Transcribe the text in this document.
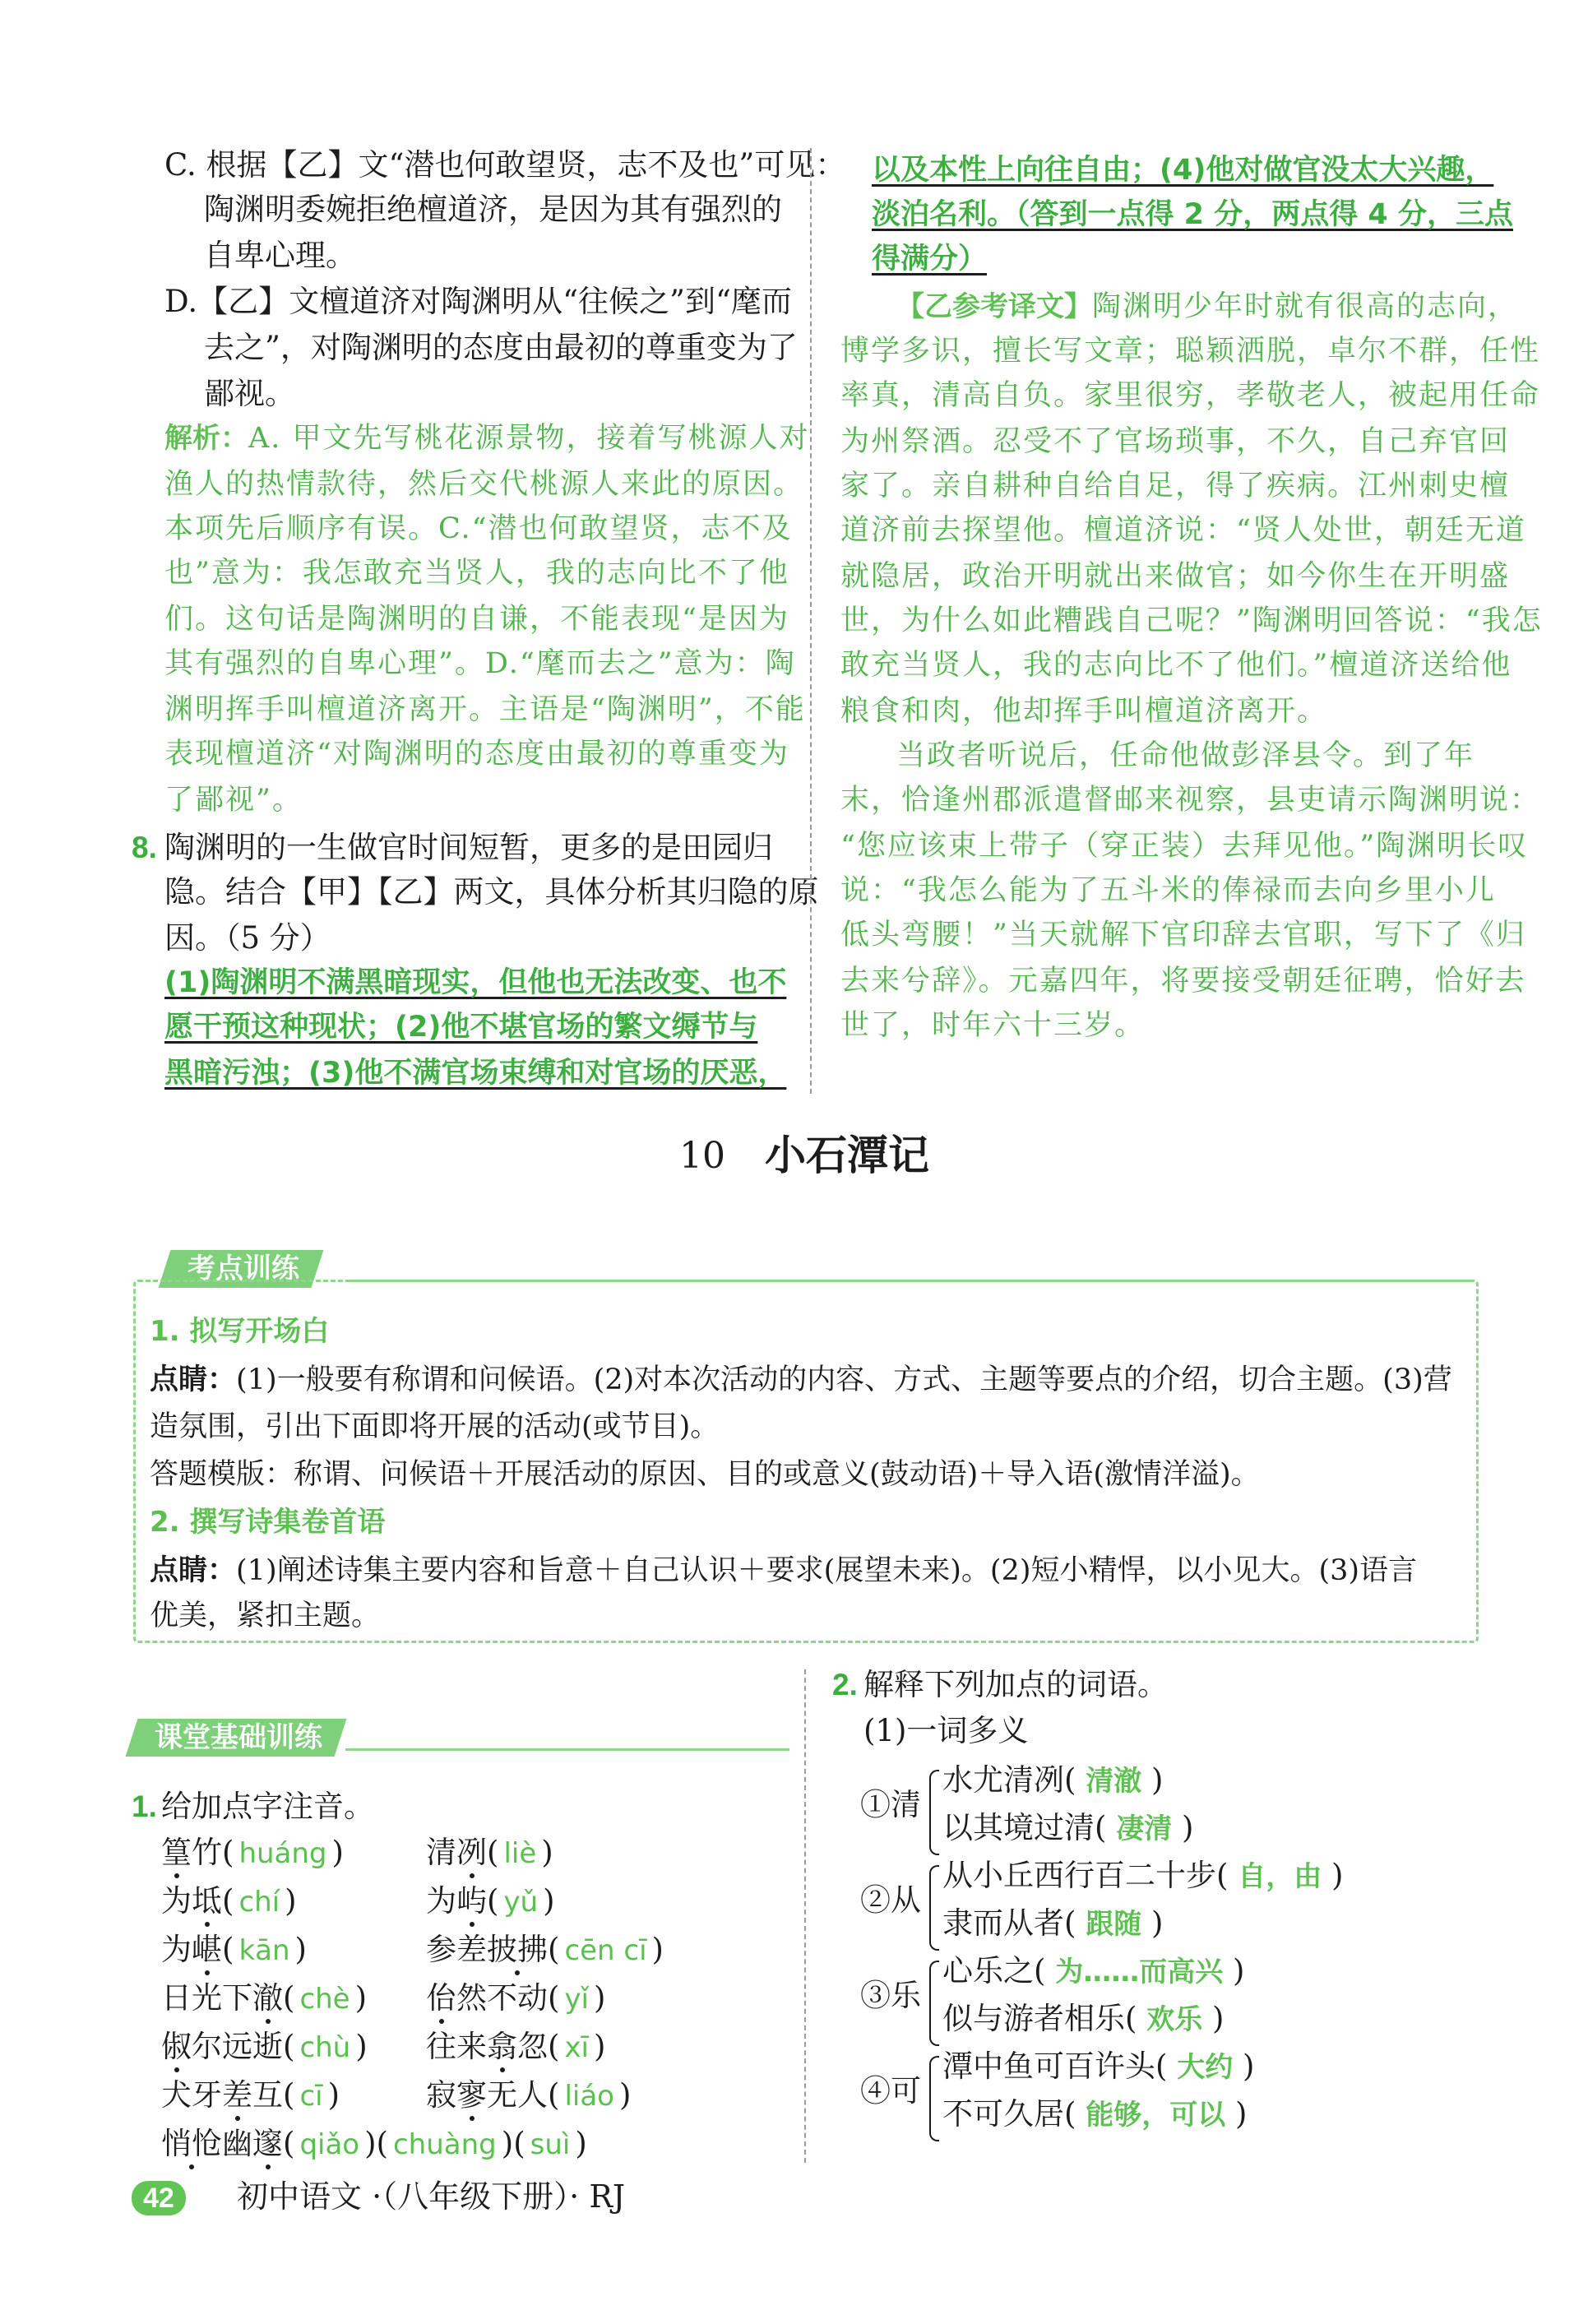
C. 根据【乙】文“潜也何敢望贤，志不及也”可见：
陶渊明委婉拒绝檀道济，是因为其有强烈的
自卑心理。
D.【乙】文檀道济对陶渊明从“往候之”到“麾而
去之”，对陶渊明的态度由最初的尊重变为了
鄙视。
解析：A. 甲文先写桃花源景物，接着写桃源人对
渔人的热情款待，然后交代桃源人来此的原因。
本项先后顺序有误。C.“潜也何敢望贤，志不及
也”意为：我怎敢充当贤人，我的志向比不了他
们。这句话是陶渊明的自谦，不能表现“是因为
其有强烈的自卑心理”。D.“麾而去之”意为：陶
渊明挥手叫檀道济离开。主语是“陶渊明”，不能
表现檀道济“对陶渊明的态度由最初的尊重变为
了鄙视”。
8. 陶渊明的一生做官时间短暂，更多的是田园归
隐。结合【甲】【乙】两文，具体分析其归隐的原
因。（5 分）
(1)陶渊明不满黑暗现实，但他也无法改变、也不
愿干预这种现状；(2)他不堪官场的繁文缛节与
黑暗污浊；(3)他不满官场束缚和对官场的厌恶，
以及本性上向往自由；(4)他对做官没太大兴趣，
淡泊名利。（答到一点得 2 分，两点得 4 分，三点
得满分）
【乙参考译文】陶渊明少年时就有很高的志向，
博学多识，擅长写文章；聪颖洒脱，卓尔不群，任性
率真，清高自负。家里很穷，孝敬老人，被起用任命
为州祭酒。忍受不了官场琐事，不久，自己弃官回
家了。亲自耕种自给自足，得了疾病。江州刺史檀
道济前去探望他。檀道济说：“贤人处世，朝廷无道
就隐居，政治开明就出来做官；如今你生在开明盛
世，为什么如此糟践自己呢？”陶渊明回答说：“我怎
敢充当贤人，我的志向比不了他们。”檀道济送给他
粮食和肉，他却挥手叫檀道济离开。
当政者听说后，任命他做彭泽县令。到了年
末，恰逢州郡派遣督邮来视察，县吏请示陶渊明说：
“您应该束上带子（穿正装）去拜见他。”陶渊明长叹
说：“我怎么能为了五斗米的俸禄而去向乡里小儿
低头弯腰！”当天就解下官印辞去官职，写下了《归
去来兮辞》。元嘉四年，将要接受朝廷征聘，恰好去
世了，时年六十三岁。
10 小石潭记
考点训练
1. 拟写开场白
点睛：(1)一般要有称谓和问候语。(2)对本次活动的内容、方式、主题等要点的介绍，切合主题。(3)营
造氛围，引出下面即将开展的活动(或节目)。
答题模版：称谓、问候语＋开展活动的原因、目的或意义(鼓动语)＋导入语(激情洋溢)。
2. 撰写诗集卷首语
点睛：(1)阐述诗集主要内容和旨意＋自己认识＋要求(展望未来)。(2)短小精悍，以小见大。(3)语言
优美，紧扣主题。
课堂基础训练
1. 给加点字注音。
篁竹( huáng )	清冽( liè )
为坻( chí )	为屿( yǔ )
为嵁( kān )	参差披拂( cēn cī )
日光下澈( chè ) 佁然不动( yǐ )
俶尔远逝( chù ) 往来翕忽( xī )
犬牙差互( cī )	寂寥无人( liáo )
悄怆幽邃( qiǎo )( chuàng )( suì )
2. 解释下列加点的词语。
(1)一词多义
①清
水尤清冽( 清澈 )
以其境过清( 凄清 )
②从
从小丘西行百二十步( 自，由 )
隶而从者( 跟随 )
③乐
心乐之( 为……而高兴 )
似与游者相乐( 欢乐 )
④可
潭中鱼可百许头( 大约 )
不可久居( 能够，可以 )
42	初中语文 ·（八年级下册）· RJ
